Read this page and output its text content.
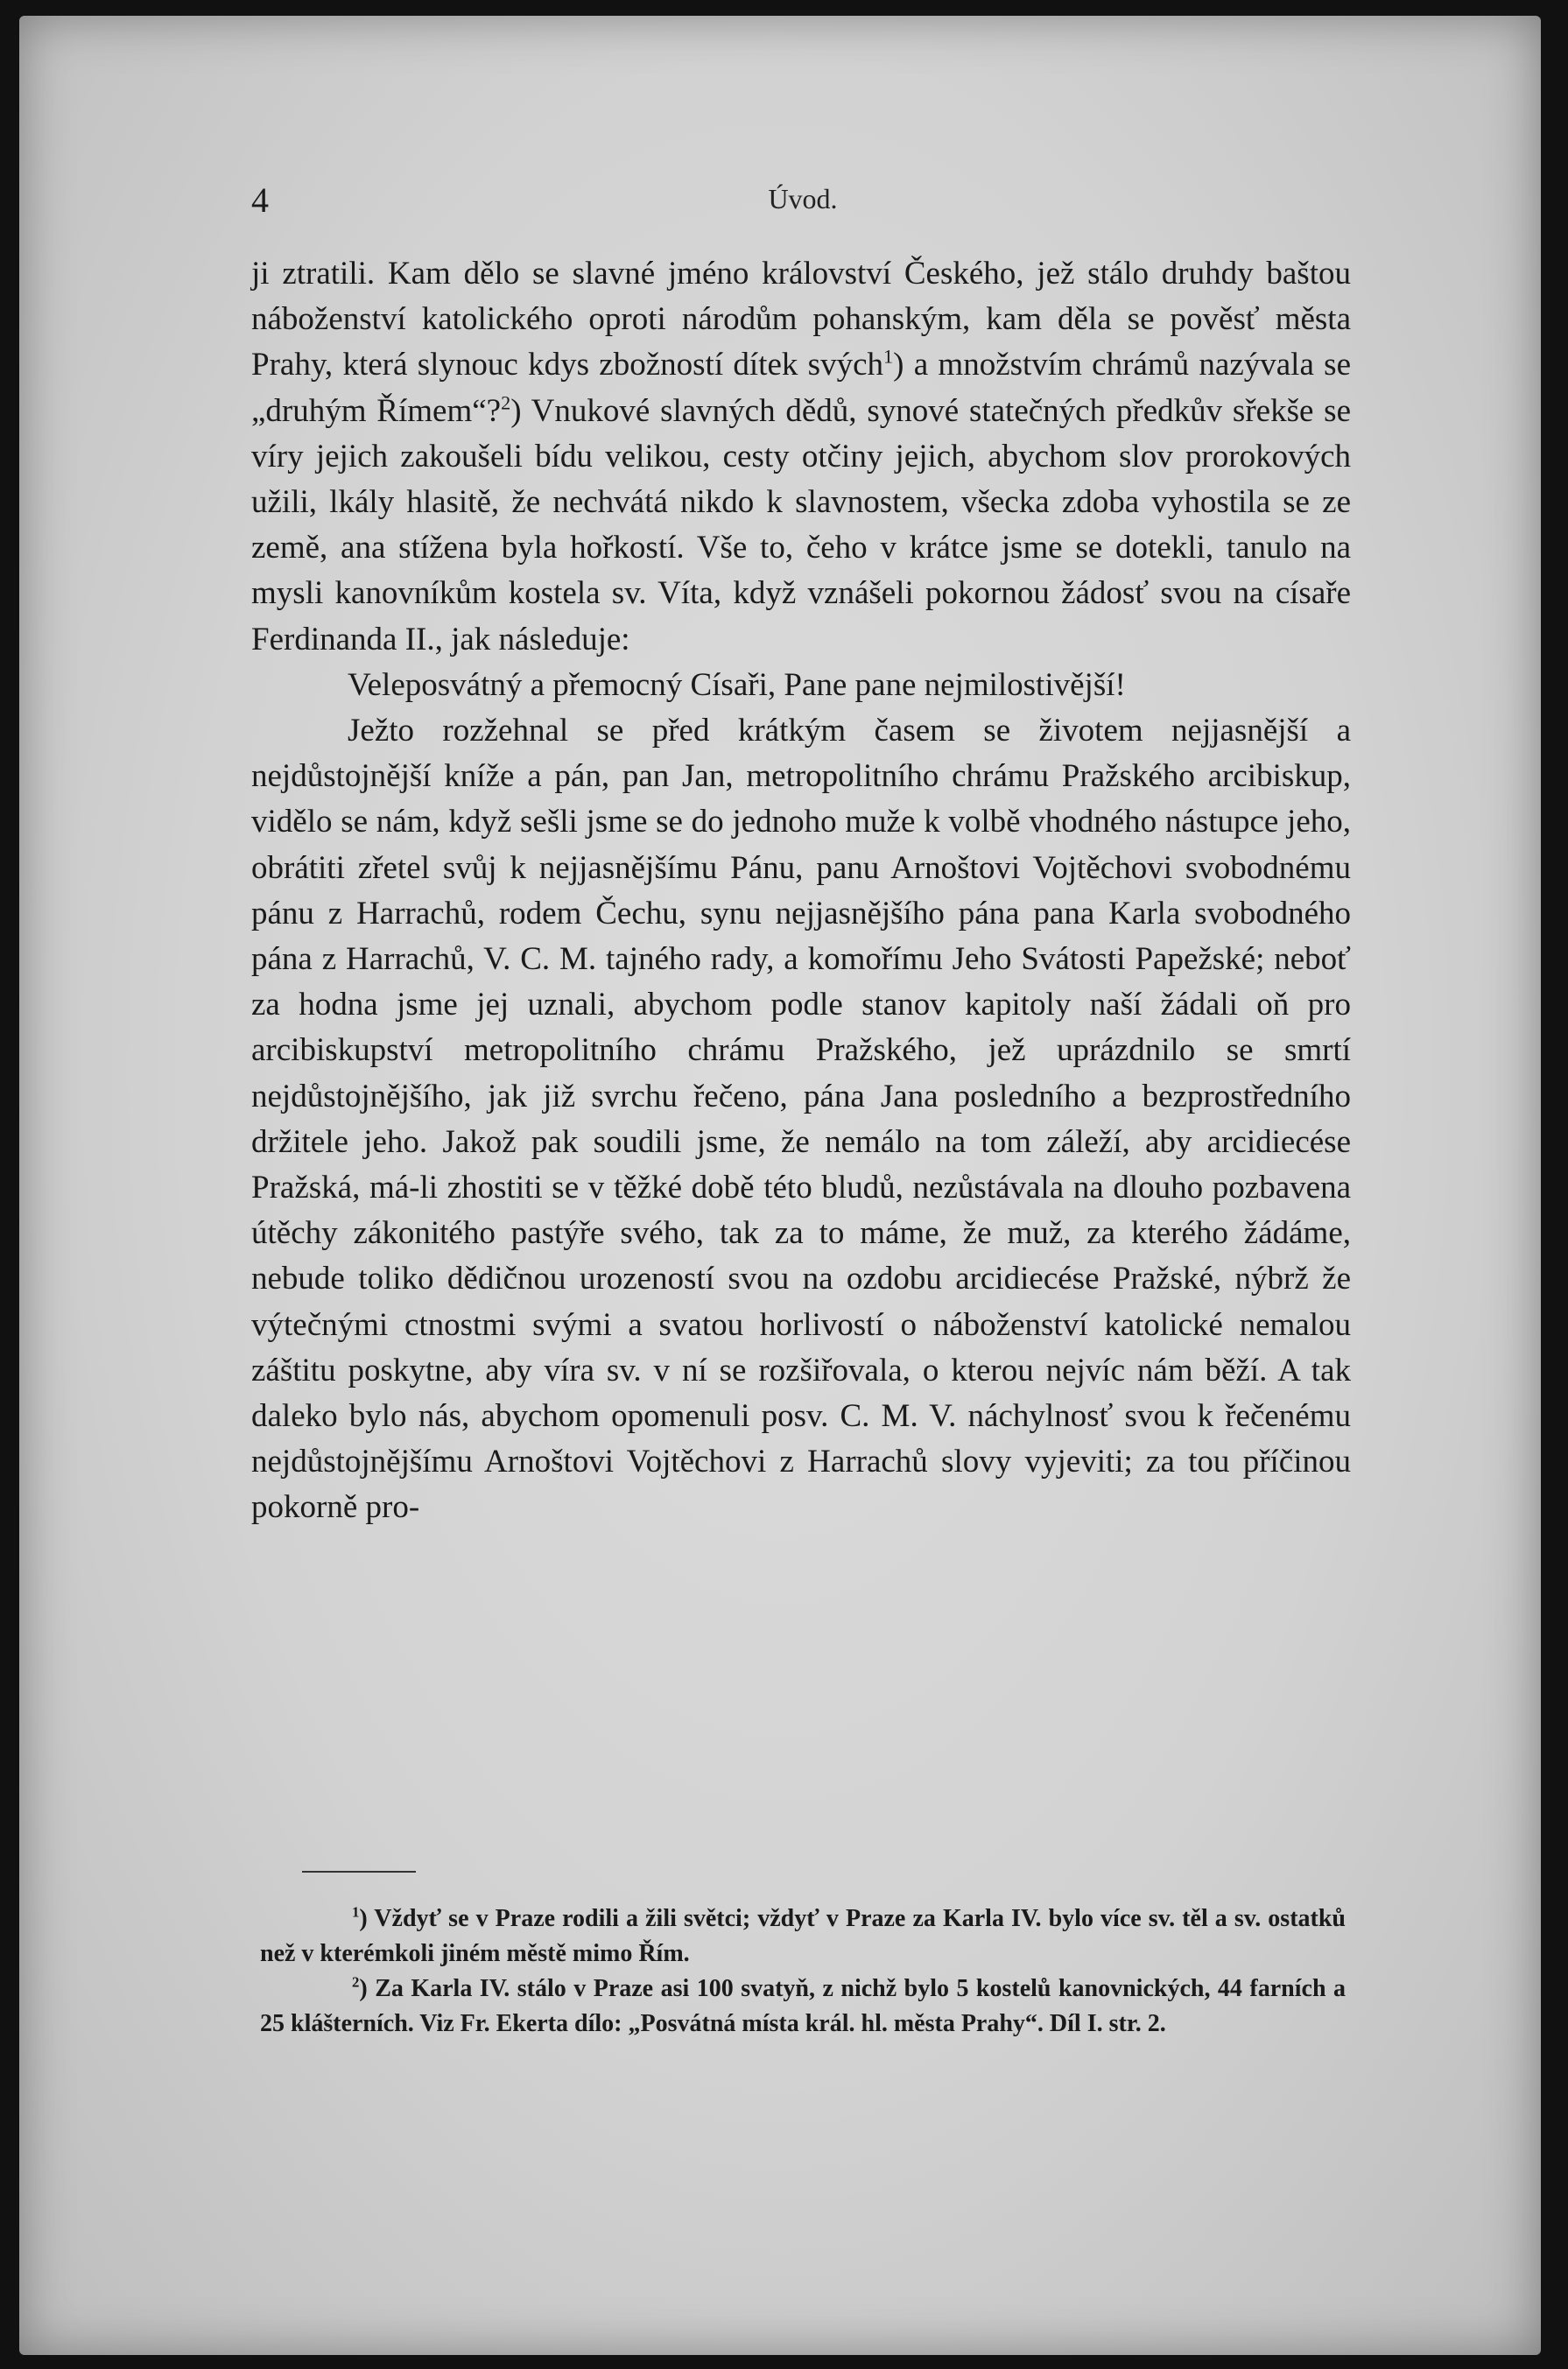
4	Úvod.

ji ztratili. Kam dělo se slavné jméno království Českého, jež stálo druhdy baštou náboženství katolického oproti národům pohanským, kam děla se pověsť města Prahy, která slynouc kdys zbožností dítek svých$^1$) a množstvím chrámů nazývala se „druhým Římem“?$^2$) Vnukové slavných dědů, synové statečných předkův sřekše se víry jejich zakoušeli bídu velikou, cesty otčiny jejich, abychom slov prorokových užili, lkály hlasitě, že nechvátá nikdo k slavnostem, všecka zdoba vyhostila se ze země, ana stížena byla hořkostí. Vše to, čeho v krátce jsme se dotekli, tanulo na mysli kanovníkům kostela sv. Víta, když vznášeli pokornou žádosť svou na císaře Ferdinanda II., jak následuje:

Veleposvátný a přemocný Císaři, Pane pane nejmilostivější!

Ježto rozžehnal se před krátkým časem se životem nejjasnější a nejdůstojnější kníže a pán, pan Jan, metropolitního chrámu Pražského arcibiskup, vidělo se nám, když sešli jsme se do jednoho muže k volbě vhodného nástupce jeho, obrátiti zřetel svůj k nejjasnějšímu Pánu, panu Arnoštovi Vojtěchovi svobodnému pánu z Harrachů, rodem Čechu, synu nejjasnějšího pána pana Karla svobodného pána z Harrachů, V. C. M. tajného rady, a komořímu Jeho Svátosti Papežské; neboť za hodna jsme jej uznali, abychom podle stanov kapitoly naší žádali oň pro arcibiskupství metropolitního chrámu Pražského, jež uprázdnilo se smrtí nejdůstojnějšího, jak již svrchu řečeno, pána Jana posledního a bezprostředního držitele jeho. Jakož pak soudili jsme, že nemálo na tom záleží, aby arcidiecése Pražská, má-li zhostiti se v těžké době této bludů, nezůstávala na dlouho pozbavena útěchy zákonitého pastýře svého, tak za to máme, že muž, za kterého žádáme, nebude toliko dědičnou urozeností svou na ozdobu arcidiecése Pražské, nýbrž že výtečnými ctnostmi svými a svatou horlivostí o náboženství katolické nemalou záštitu poskytne, aby víra sv. v ní se rozšiřovala, o kterou nejvíc nám běží. A tak daleko bylo nás, abychom opomenuli posv. C. M. V. náchylnosť svou k řečenému nejdůstojnějšímu Arnoštovi Vojtěchovi z Harrachů slovy vyjeviti; za tou příčinou pokorně pro-

$^1$) Vždyť se v Praze rodili a žili světci; vždyť v Praze za Karla IV. bylo více sv. těl a sv. ostatků než v kterémkoli jiném městě mimo Řím.

$^2$) Za Karla IV. stálo v Praze asi 100 svatyň, z nichž bylo 5 kostelů kanovnických, 44 farních a 25 klášterních. Viz Fr. Ekerta dílo: „Posvátná místa král. hl. města Prahy“. Díl I. str. 2.
